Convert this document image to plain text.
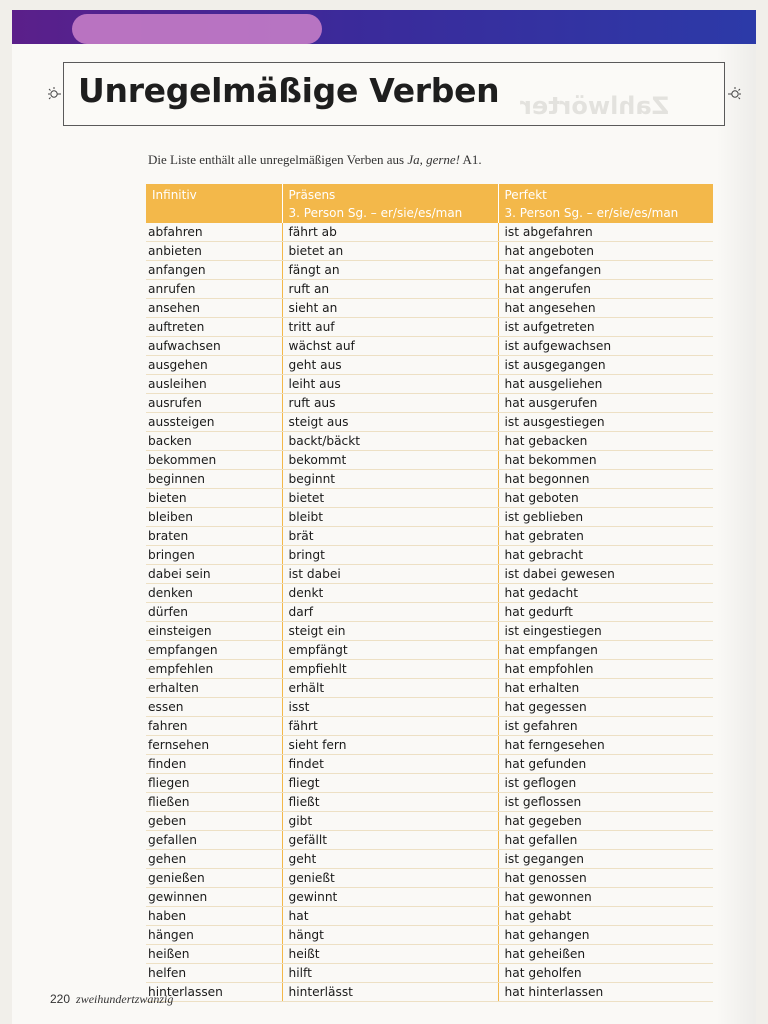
Unregelmäßige Verben Zahlwörter
Die Liste enthält alle unregelmäßigen Verben aus Ja, gerne! A1.
Infinitiv	Präsens	Perfekt
	3. Person Sg. – er/sie/es/man	3. Person Sg. – er/sie/es/man
abfahren	fährt ab	ist abgefahren
anbieten	bietet an	hat angeboten
anfangen	fängt an	hat angefangen
anrufen	ruft an	hat angerufen
ansehen	sieht an	hat angesehen
auftreten	tritt auf	ist aufgetreten
aufwachsen	wächst auf	ist aufgewachsen
ausgehen	geht aus	ist ausgegangen
ausleihen	leiht aus	hat ausgeliehen
ausrufen	ruft aus	hat ausgerufen
aussteigen	steigt aus	ist ausgestiegen
backen	backt/bäckt	hat gebacken
bekommen	bekommt	hat bekommen
beginnen	beginnt	hat begonnen
bieten	bietet	hat geboten
bleiben	bleibt	ist geblieben
braten	brät	hat gebraten
bringen	bringt	hat gebracht
dabei sein	ist dabei	ist dabei gewesen
denken	denkt	hat gedacht
dürfen	darf	hat gedurft
einsteigen	steigt ein	ist eingestiegen
empfangen	empfängt	hat empfangen
empfehlen	empfiehlt	hat empfohlen
erhalten	erhält	hat erhalten
essen	isst	hat gegessen
fahren	fährt	ist gefahren
fernsehen	sieht fern	hat ferngesehen
finden	findet	hat gefunden
fliegen	fliegt	ist geflogen
fließen	fließt	ist geflossen
geben	gibt	hat gegeben
gefallen	gefällt	hat gefallen
gehen	geht	ist gegangen
genießen	genießt	hat genossen
gewinnen	gewinnt	hat gewonnen
haben	hat	hat gehabt
hängen	hängt	hat gehangen
heißen	heißt	hat geheißen
helfen	hilft	hat geholfen
hinterlassen	hinterlässt	hat hinterlassen
220 zweihundertzwanzig
